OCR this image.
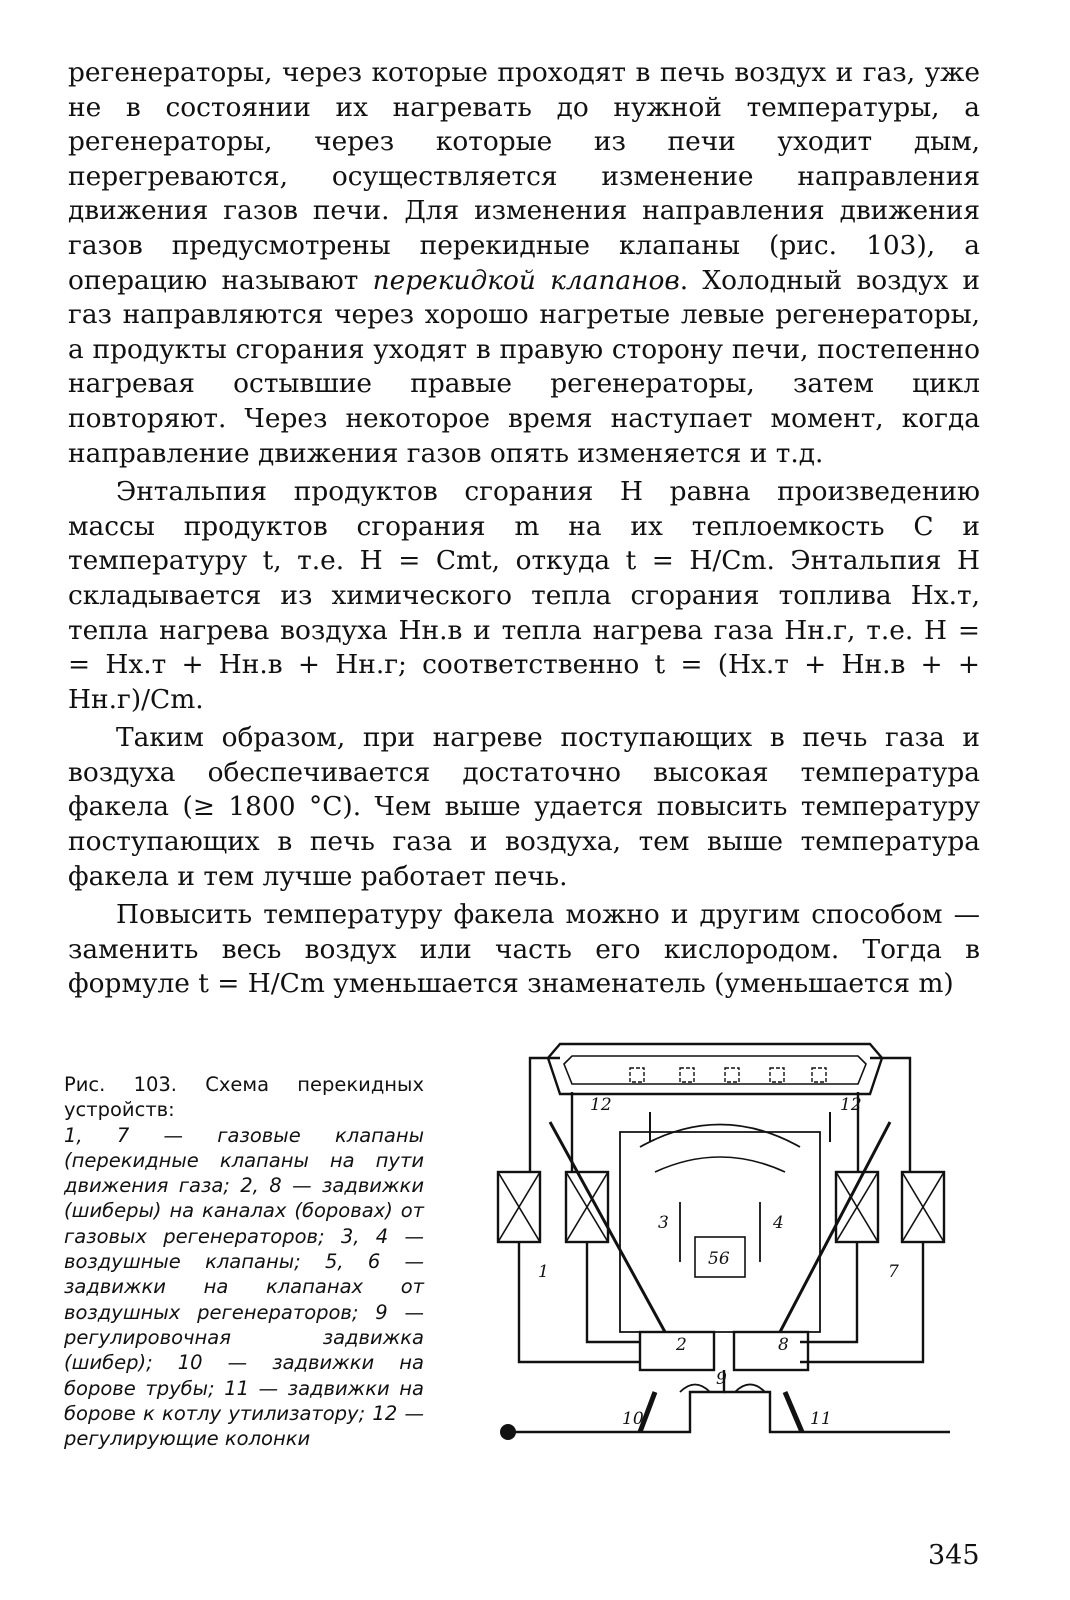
регенераторы, через которые проходят в печь воздух и газ, уже не в состоянии их нагревать до нужной температуры, а регенераторы, через которые из печи уходит дым, перегреваются, осуществляется изменение направления движения газов печи. Для изменения направления движения газов предусмотрены перекидные клапаны (рис. 103), а операцию называют перекидкой клапанов. Холодный воздух и газ направляются через хорошо нагретые левые регенераторы, а продукты сгорания уходят в правую сторону печи, постепенно нагревая остывшие правые регенераторы, затем цикл повторяют. Через некоторое время наступает момент, когда направление движения газов опять изменяется и т.д.

Энтальпия продуктов сгорания H равна произведению массы продуктов сгорания m на их теплоемкость C и температуру t, т.е. H = Cmt, откуда t = H/Cm. Энтальпия H складывается из химического тепла сгорания топлива Hх.т, тепла нагрева воздуха Hн.в и тепла нагрева газа Hн.г, т.е. H = = Hх.т + Hн.в + Hн.г; соответственно t = (Hх.т + Hн.в + + Hн.г)/Cm.

Таким образом, при нагреве поступающих в печь газа и воздуха обеспечивается достаточно высокая температура факела (≥ 1800 °C). Чем выше удается повысить температуру поступающих в печь газа и воздуха, тем выше температура факела и тем лучше работает печь.

Повысить температуру факела можно и другим способом — заменить весь воздух или часть его кислородом. Тогда в формуле t = H/Cm уменьшается знаменатель (уменьшается m)

Рис. 103. Схема перекидных устройств:

1, 7 — газовые клапаны (перекидные клапаны на пути движения газа; 2, 8 — задвижки (шиберы) на каналах (боровах) от газовых регенераторов; 3, 4 — воздушные клапаны; 5, 6 — задвижки на клапанах от воздушных регенераторов; 9 — регулировочная задвижка (шибер); 10 — задвижки на борове трубы; 11 — задвижки на борове к котлу утилизатору; 12 — регулирующие колонки

1
2
3	4
56
7
8
9
10	11
12	12
345
